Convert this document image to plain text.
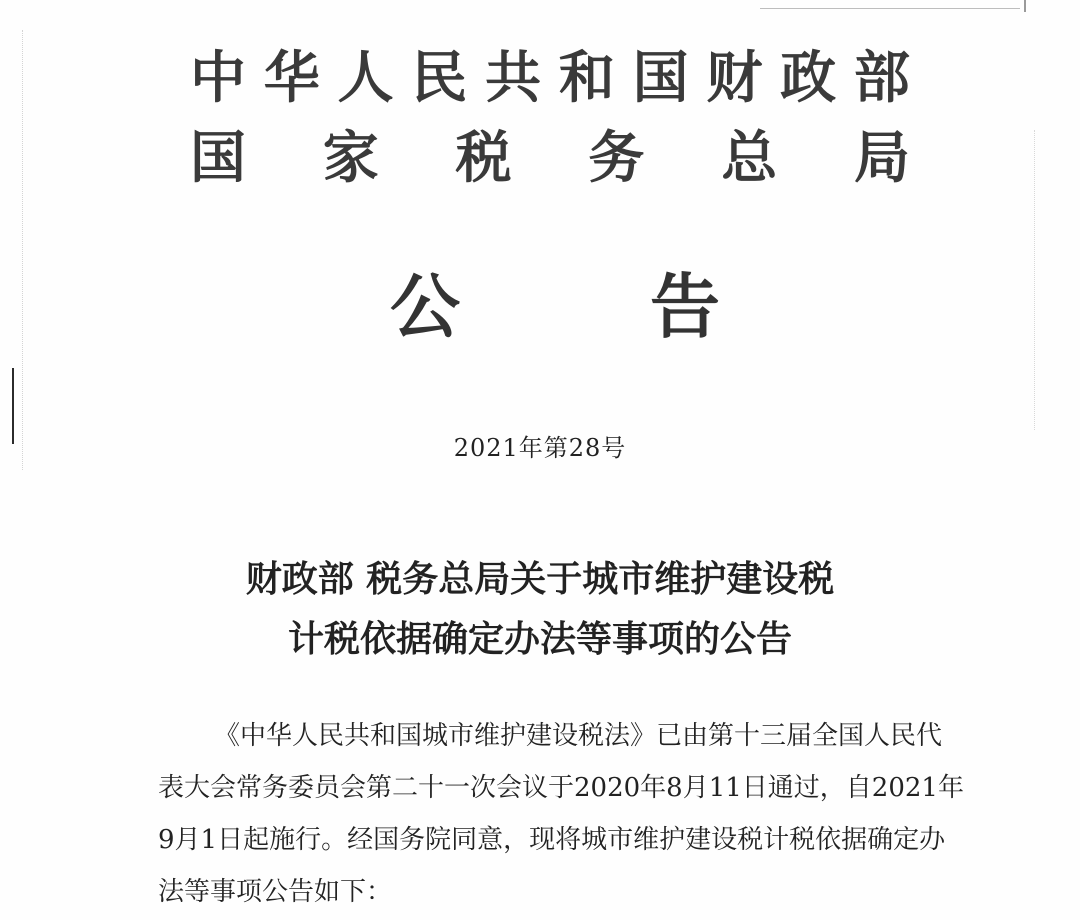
中 华 人 民 共 和 国 财 政 部
国 家 税 务 总 局
公	告
2021年第28号
财政部 税务总局关于城市维护建设税
计税依据确定办法等事项的公告
《中华人民共和国城市维护建设税法》已由第十三届全国人民代表大会常务委员会第二十一次会议于2020年8月11日通过，自2021年9月1日起施行。经国务院同意，现将城市维护建设税计税依据确定办法等事项公告如下：
